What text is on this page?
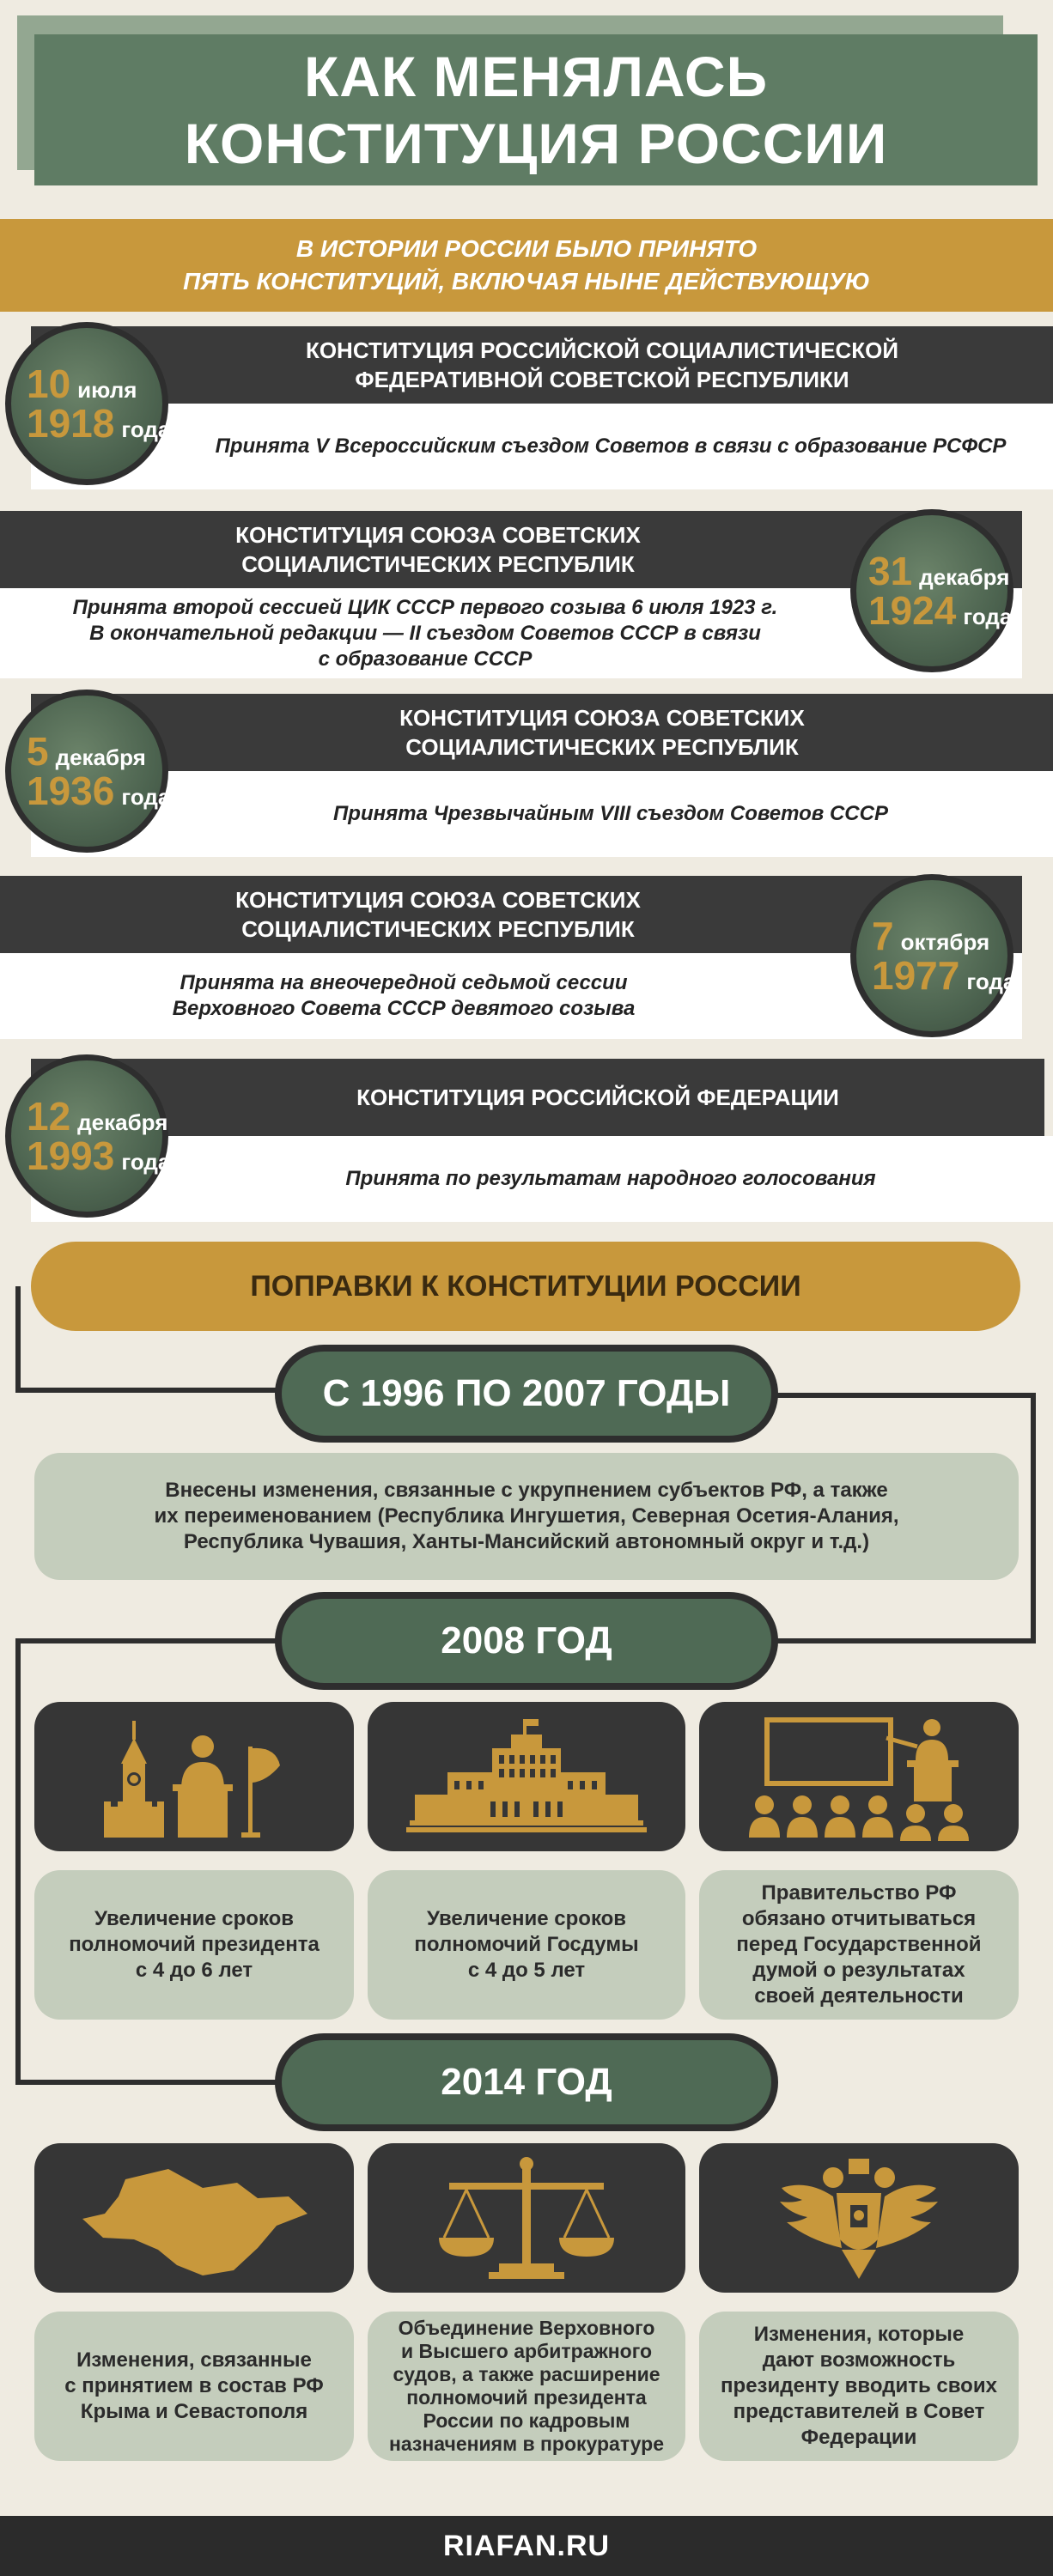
КАК МЕНЯЛАСЬ
КОНСТИТУЦИЯ РОССИИ
В ИСТОРИИ РОССИИ БЫЛО ПРИНЯТО
ПЯТЬ КОНСТИТУЦИЙ, ВКЛЮЧАЯ НЫНЕ ДЕЙСТВУЮЩУЮ
КОНСТИТУЦИЯ РОССИЙСКОЙ СОЦИАЛИСТИЧЕСКОЙ
ФЕДЕРАТИВНОЙ СОВЕТСКОЙ РЕСПУБЛИКИ
Принята V Всероссийским съездом Советов в связи с образование РСФСР
10 июля
1918 года
КОНСТИТУЦИЯ СОЮЗА СОВЕТСКИХ
СОЦИАЛИСТИЧЕСКИХ РЕСПУБЛИК
Принята второй сессией ЦИК СССР первого созыва 6 июля 1923 г.
В окончательной редакции — II съездом Советов СССР в связи
с образование СССР
31 декабря
1924 года
КОНСТИТУЦИЯ СОЮЗА СОВЕТСКИХ
СОЦИАЛИСТИЧЕСКИХ РЕСПУБЛИК
Принята Чрезвычайным VIII съездом Советов СССР
5 декабря
1936 года
КОНСТИТУЦИЯ СОЮЗА СОВЕТСКИХ
СОЦИАЛИСТИЧЕСКИХ РЕСПУБЛИК
Принята на внеочередной седьмой сессии
Верховного Совета СССР девятого созыва
7 октября
1977 года
КОНСТИТУЦИЯ РОССИЙСКОЙ ФЕДЕРАЦИИ
Принята по результатам народного голосования
12 декабря
1993 года
ПОПРАВКИ К КОНСТИТУЦИИ РОССИИ
С 1996 ПО 2007 ГОДЫ
Внесены изменения, связанные с укрупнением субъектов РФ, а также
их переименованием (Республика Ингушетия, Северная Осетия-Алания,
Республика Чувашия, Ханты-Мансийский автономный округ и т.д.)
2008 ГОД
Увеличение сроков
полномочий президента
с 4 до 6 лет
Увеличение сроков
полномочий Госдумы
с 4 до 5 лет
Правительство РФ
обязано отчитываться
перед Государственной
думой о результатах
своей деятельности
2014 ГОД
Изменения, связанные
с принятием в состав РФ
Крыма и Севастополя
Объединение Верховного
и Высшего арбитражного
судов, а также расширение
полномочий президента
России по кадровым
назначениям в прокуратуре
Изменения, которые
дают возможность
президенту вводить своих
представителей в Совет
Федерации
RIAFAN.RU
